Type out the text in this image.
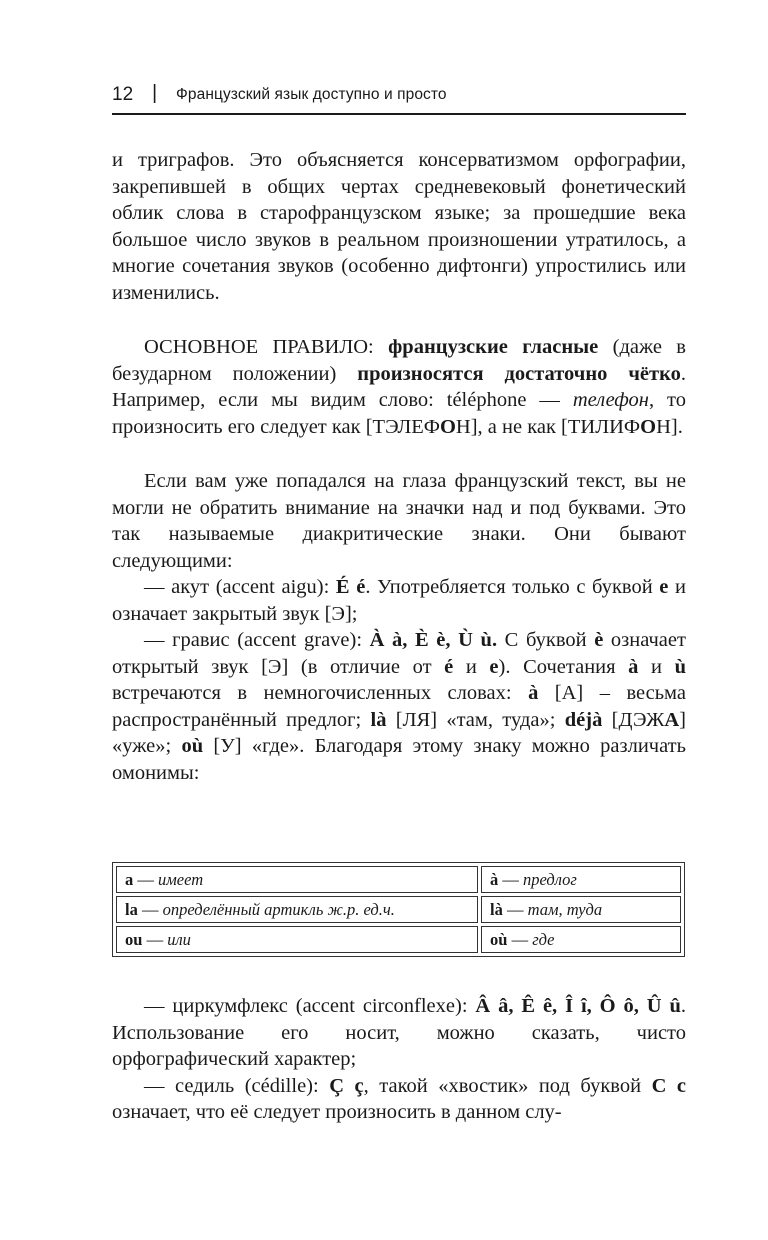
12 | Французский язык доступно и просто

и триграфов. Это объясняется консерватизмом орфографии, закрепившей в общих чертах средневековый фонетический облик слова в старофранцузском языке; за прошедшие века большое число звуков в реальном произношении утратилось, а многие сочетания звуков (особенно дифтонги) упростились или изменились.

ОСНОВНОЕ ПРАВИЛО: французские гласные (даже в безударном положении) произносятся достаточно чётко. Например, если мы видим слово: téléphone — телефон, то произносить его следует как [ТЭЛЕФОН], а не как [ТИЛИФОН].

Если вам уже попадался на глаза французский текст, вы не могли не обратить внимание на значки над и под буквами. Это так называемые диакритические знаки. Они бывают следующими:

— акут (accent aigu): É é. Употребляется только с буквой e и означает закрытый звук [Э];

— гравис (accent grave): À à, È è, Ù ù. С буквой è означает открытый звук [Э] (в отличие от é и e). Сочетания à и ù встречаются в немногочисленных словах: à [А] – весьма распространённый предлог; là [ЛЯ] «там, туда»; déjà [ДЭЖА] «уже»; où [У] «где». Благодаря этому знаку можно различать омонимы:

a — имеет	à — предлог
la — определённый артикль ж.р. ед.ч.	là — там, туда
ou — или	où — где

— циркумфлекс (accent circonflexe): Â â, Ê ê, Î î, Ô ô, Û û. Использование его носит, можно сказать, чисто орфографический характер;

— седиль (cédille): Ç ç, такой «хвостик» под буквой С с означает, что её следует произносить в данном слу-
